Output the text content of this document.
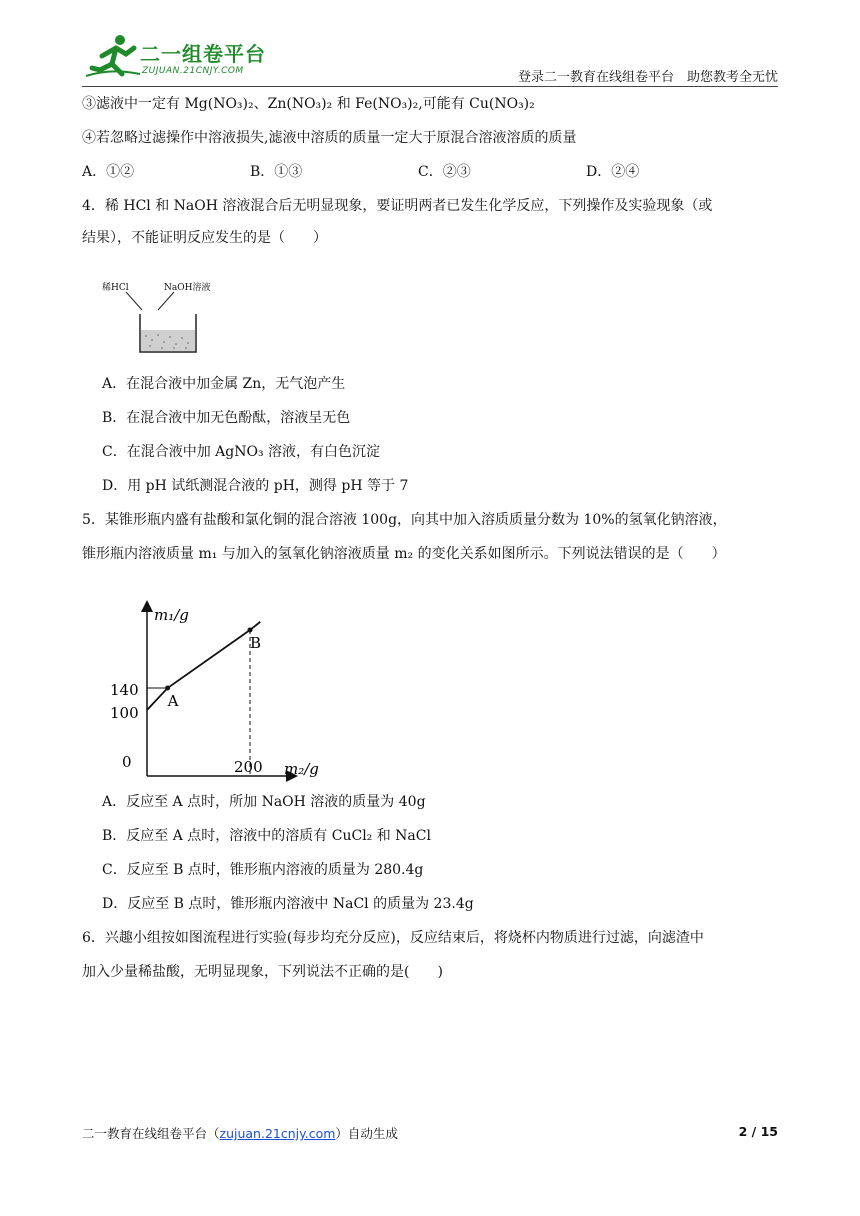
二一组卷平台
ZUJUAN.21CNJY.COM	登录二一教育在线组卷平台　助您教考全无忧
③滤液中一定有 Mg(NO₃)₂、Zn(NO₃)₂ 和 Fe(NO₃)₂,可能有 Cu(NO₃)₂
④若忽略过滤操作中溶液损失,滤液中溶质的质量一定大于原混合溶液溶质的质量
A．①②	B．①③	C．②③	D．②④
4．稀 HCl 和 NaOH 溶液混合后无明显现象，要证明两者已发生化学反应，下列操作及实验现象（或
结果），不能证明反应发生的是（　　）
稀HCl	NaOH溶液
A．在混合液中加金属 Zn，无气泡产生
B．在混合液中加无色酚酞，溶液呈无色
C．在混合液中加 AgNO₃ 溶液，有白色沉淀
D．用 pH 试纸测混合液的 pH，测得 pH 等于 7
5．某锥形瓶内盛有盐酸和氯化铜的混合溶液 100g，向其中加入溶质质量分数为 10%的氢氧化钠溶液，
锥形瓶内溶液质量 m₁ 与加入的氢氧化钠溶液质量 m₂ 的变化关系如图所示。下列说法错误的是（　　）
m₁/g
m₂/g
0
140
100
200
A
B
A．反应至 A 点时，所加 NaOH 溶液的质量为 40g
B．反应至 A 点时，溶液中的溶质有 CuCl₂ 和 NaCl
C．反应至 B 点时，锥形瓶内溶液的质量为 280.4g
D．反应至 B 点时，锥形瓶内溶液中 NaCl 的质量为 23.4g
6．兴趣小组按如图流程进行实验(每步均充分反应)，反应结束后，将烧杯内物质进行过滤，向滤渣中
加入少量稀盐酸，无明显现象，下列说法不正确的是(　　)
二一教育在线组卷平台（zujuan.21cnjy.com）自动生成	2 / 15
